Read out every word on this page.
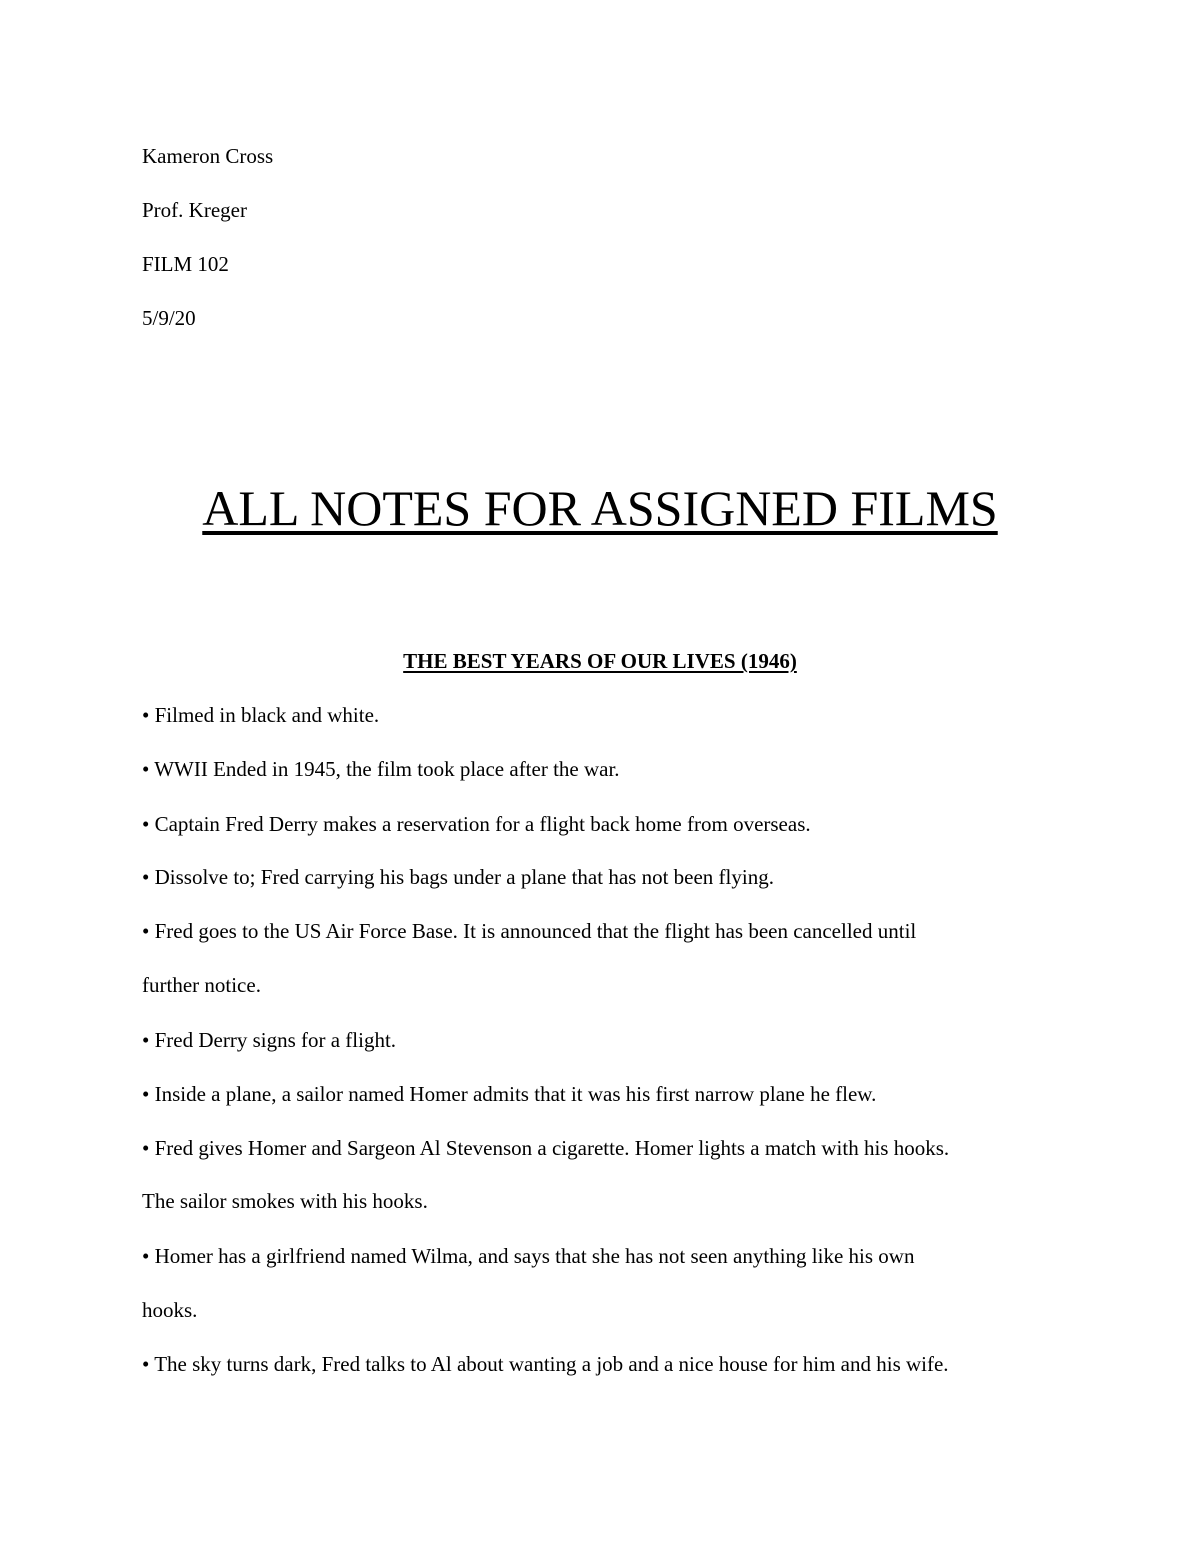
Kameron Cross
Prof. Kreger
FILM 102
5/9/20
ALL NOTES FOR ASSIGNED FILMS
THE BEST YEARS OF OUR LIVES (1946)
• Filmed in black and white.
• WWII Ended in 1945, the film took place after the war.
• Captain Fred Derry makes a reservation for a flight back home from overseas.
• Dissolve to; Fred carrying his bags under a plane that has not been flying.
• Fred goes to the US Air Force Base. It is announced that the flight has been cancelled until
further notice.
• Fred Derry signs for a flight.
• Inside a plane, a sailor named Homer admits that it was his first narrow plane he flew.
• Fred gives Homer and Sargeon Al Stevenson a cigarette. Homer lights a match with his hooks.
The sailor smokes with his hooks.
• Homer has a girlfriend named Wilma, and says that she has not seen anything like his own
hooks.
• The sky turns dark, Fred talks to Al about wanting a job and a nice house for him and his wife.
